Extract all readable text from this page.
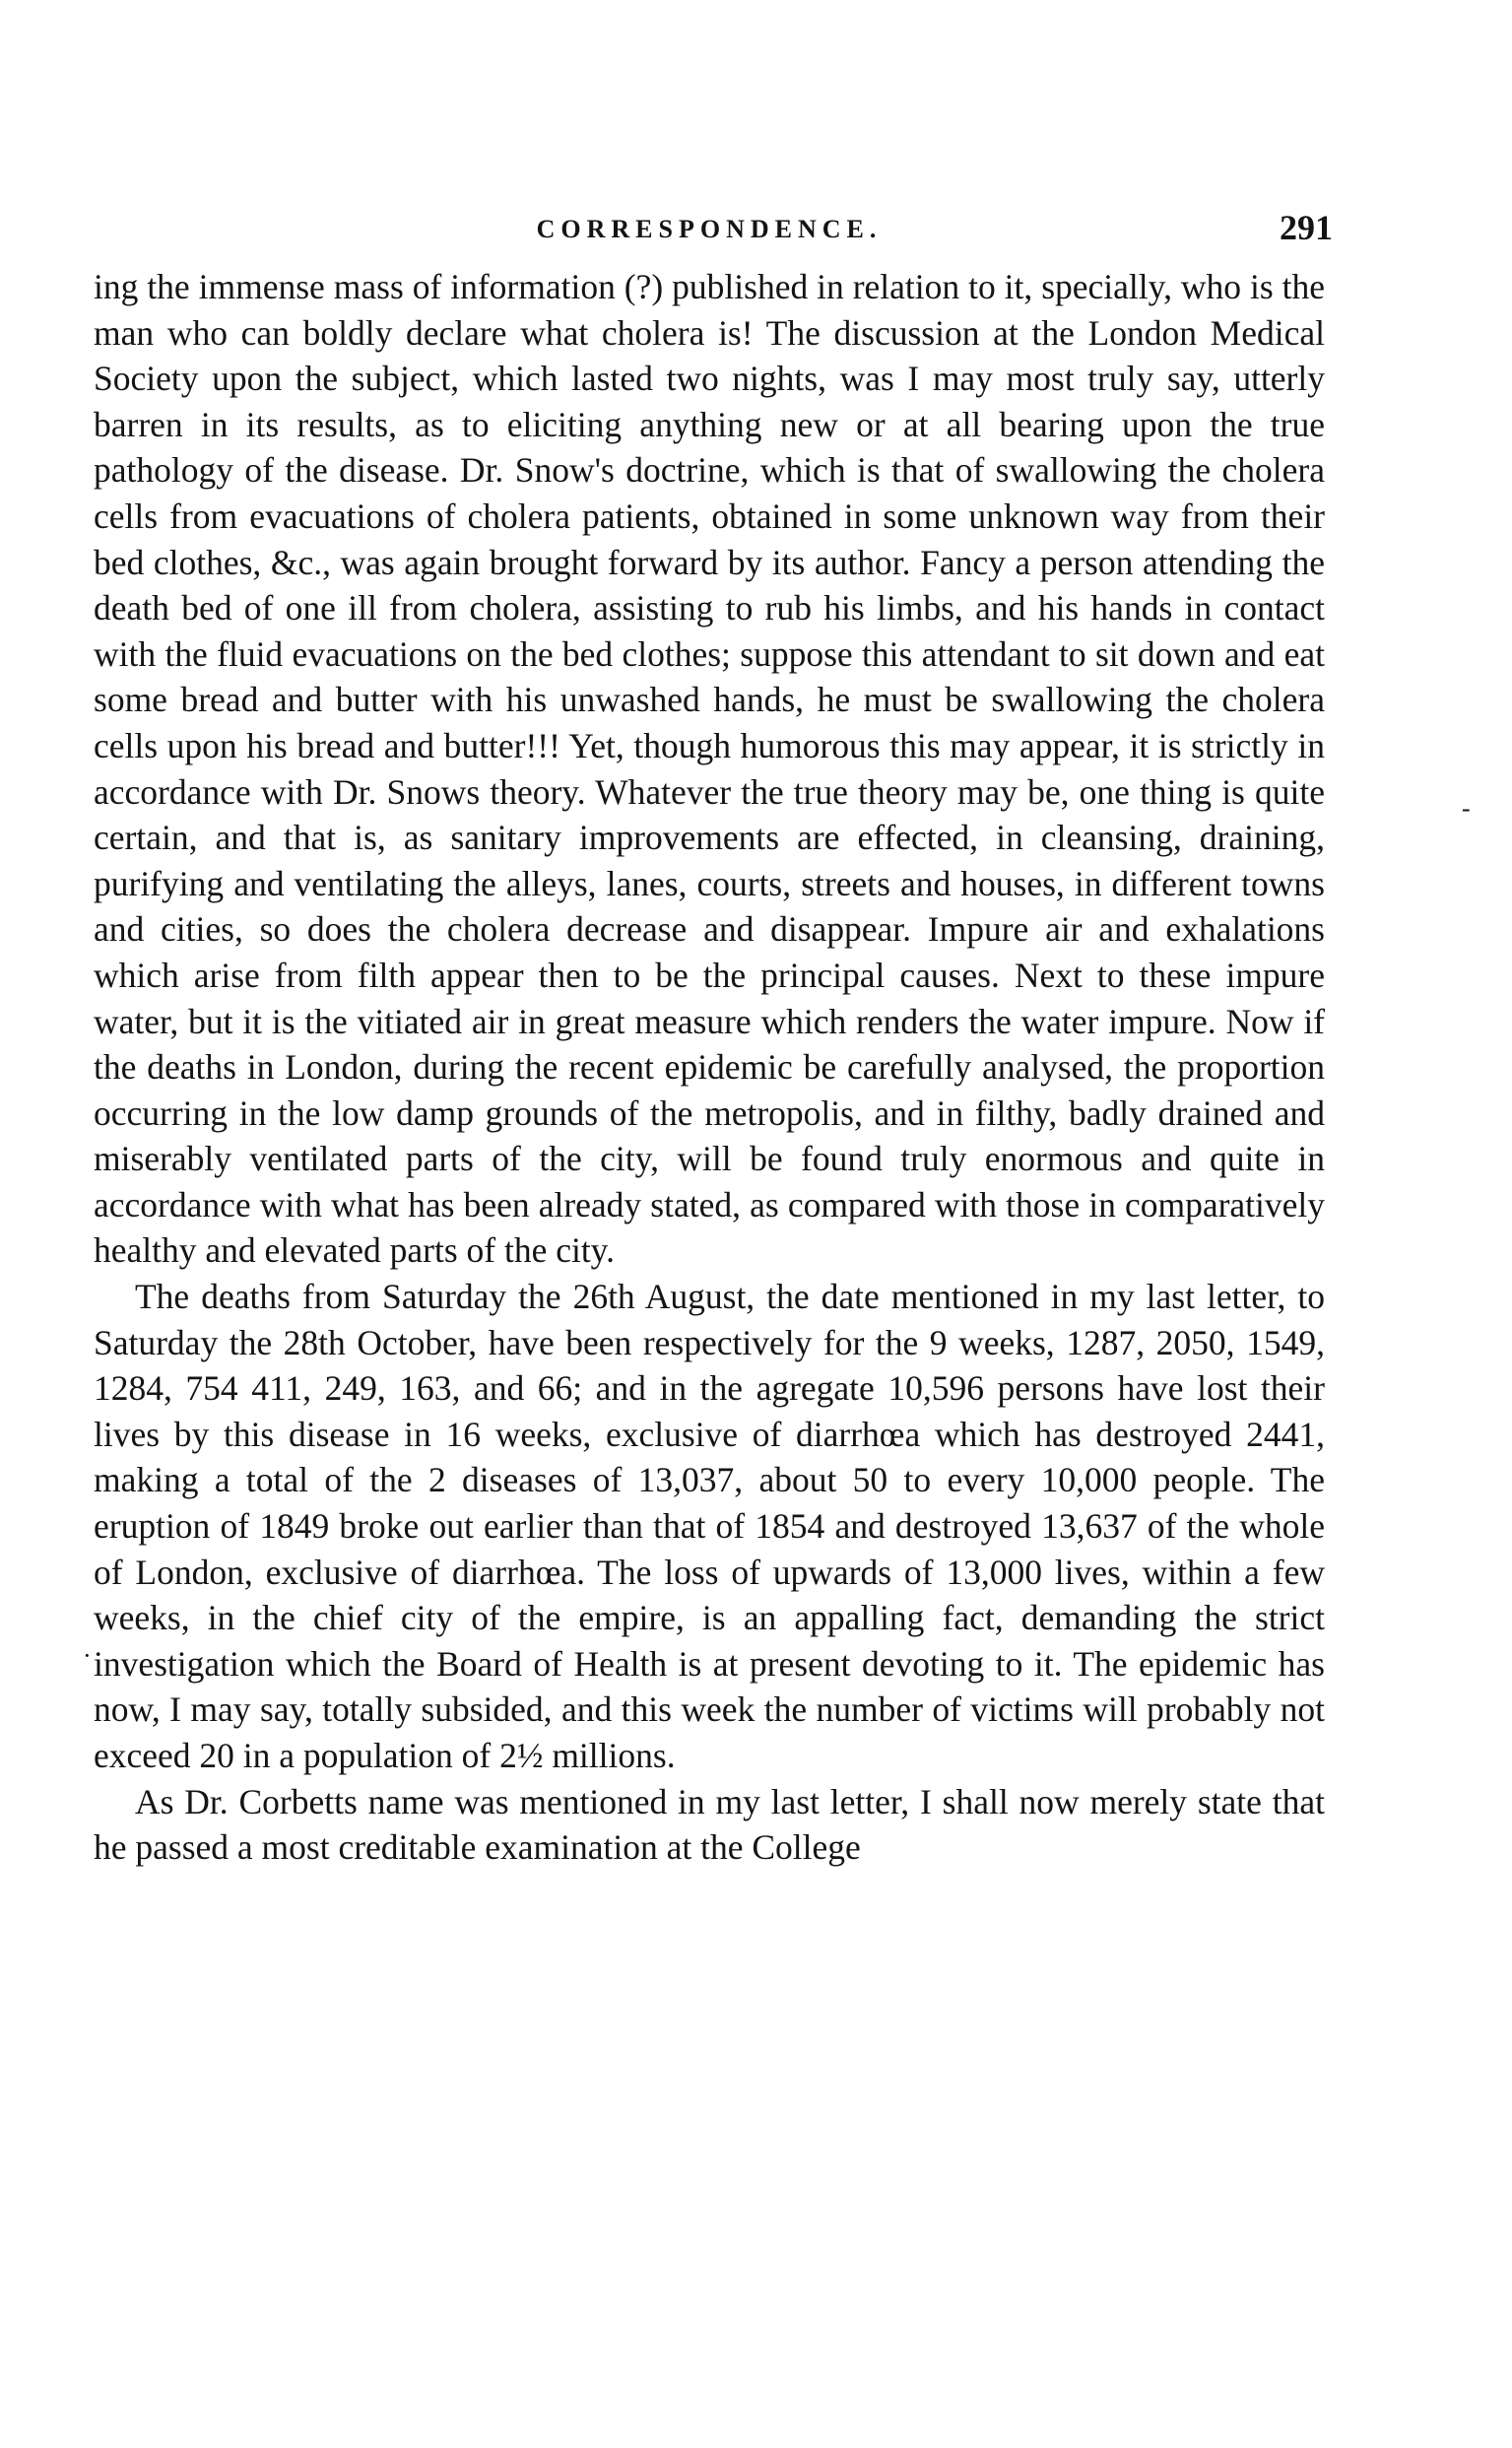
CORRESPONDENCE.	291

ing the immense mass of information (?) published in relation to it, specially, who is the man who can boldly declare what cholera is! The discussion at the London Medical Society upon the subject, which lasted two nights, was I may most truly say, utterly barren in its results, as to eliciting anything new or at all bearing upon the true pathology of the disease. Dr. Snow's doctrine, which is that of swallowing the cholera cells from evacuations of cholera patients, obtained in some unknown way from their bed clothes, &c., was again brought forward by its author. Fancy a person attending the death bed of one ill from cholera, assisting to rub his limbs, and his hands in contact with the fluid evacuations on the bed clothes; suppose this attendant to sit down and eat some bread and butter with his unwashed hands, he must be swallowing the cholera cells upon his bread and butter!!! Yet, though humorous this may appear, it is strictly in accordance with Dr. Snows theory. Whatever the true theory may be, one thing is quite certain, and that is, as sanitary improvements are effected, in cleansing, draining, purifying and ventilating the alleys, lanes, courts, streets and houses, in different towns and cities, so does the cholera decrease and disappear. Impure air and exhalations which arise from filth appear then to be the principal causes. Next to these impure water, but it is the vitiated air in great measure which renders the water impure. Now if the deaths in London, during the recent epidemic be carefully analysed, the proportion occurring in the low damp grounds of the metropolis, and in filthy, badly drained and miserably ventilated parts of the city, will be found truly enormous and quite in accordance with what has been already stated, as compared with those in comparatively healthy and elevated parts of the city.

The deaths from Saturday the 26th August, the date mentioned in my last letter, to Saturday the 28th October, have been respectively for the 9 weeks, 1287, 2050, 1549, 1284, 754 411, 249, 163, and 66; and in the agregate 10,596 persons have lost their lives by this disease in 16 weeks, exclusive of diarrhœa which has destroyed 2441, making a total of the 2 diseases of 13,037, about 50 to every 10,000 people. The eruption of 1849 broke out earlier than that of 1854 and destroyed 13,637 of the whole of London, exclusive of diarrhœa. The loss of upwards of 13,000 lives, within a few weeks, in the chief city of the empire, is an appalling fact, demanding the strict investigation which the Board of Health is at present devoting to it. The epidemic has now, I may say, totally subsided, and this week the number of victims will probably not exceed 20 in a population of 2½ millions.

As Dr. Corbetts name was mentioned in my last letter, I shall now merely state that he passed a most creditable examination at the College

-
·
